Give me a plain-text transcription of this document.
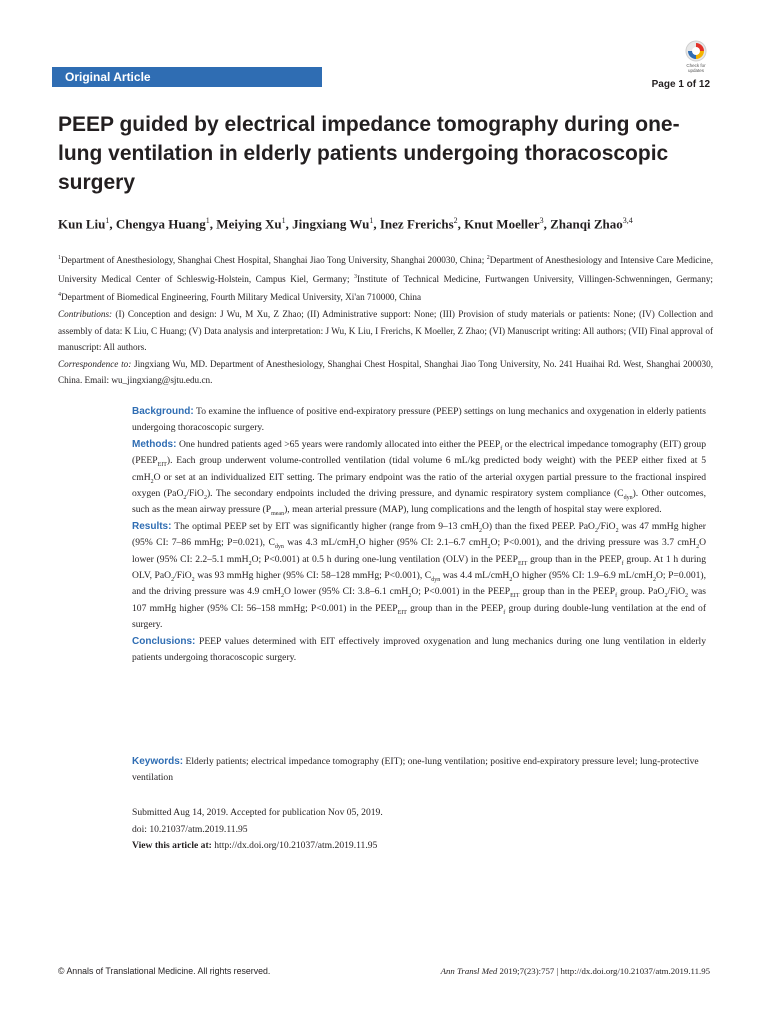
Original Article
Check for updates
Page 1 of 12
PEEP guided by electrical impedance tomography during one-lung ventilation in elderly patients undergoing thoracoscopic surgery
Kun Liu$^1$, Chengya Huang$^1$, Meiying Xu$^1$, Jingxiang Wu$^1$, Inez Frerichs$^2$, Knut Moeller$^3$, Zhanqi Zhao$^{3,4}$
$^1$Department of Anesthesiology, Shanghai Chest Hospital, Shanghai Jiao Tong University, Shanghai 200030, China; $^2$Department of Anesthesiology and Intensive Care Medicine, University Medical Center of Schleswig-Holstein, Campus Kiel, Germany; $^3$Institute of Technical Medicine, Furtwangen University, Villingen-Schwenningen, Germany; $^4$Department of Biomedical Engineering, Fourth Military Medical University, Xi'an 710000, China
Contributions: (I) Conception and design: J Wu, M Xu, Z Zhao; (II) Administrative support: None; (III) Provision of study materials or patients: None; (IV) Collection and assembly of data: K Liu, C Huang; (V) Data analysis and interpretation: J Wu, K Liu, I Frerichs, K Moeller, Z Zhao; (VI) Manuscript writing: All authors; (VII) Final approval of manuscript: All authors.
Correspondence to: Jingxiang Wu, MD. Department of Anesthesiology, Shanghai Chest Hospital, Shanghai Jiao Tong University, No. 241 Huaihai Rd. West, Shanghai 200030, China. Email: wu_jingxiang@sjtu.edu.cn.

Background: To examine the influence of positive end-expiratory pressure (PEEP) settings on lung mechanics and oxygenation in elderly patients undergoing thoracoscopic surgery.

Methods: One hundred patients aged >65 years were randomly allocated into either the $PEEP_f$ or the electrical impedance tomography (EIT) group $(PEEP_{EIT})$. Each group underwent volume-controlled ventilation (tidal volume 6 mL/kg predicted body weight) with the PEEP either fixed at 5 cmH$_2$O or set at an individualized EIT setting. The primary endpoint was the ratio of the arterial oxygen partial pressure to the fractional inspired oxygen (PaO$_2$/FiO$_2$). The secondary endpoints included the driving pressure, and dynamic respiratory system compliance $(C_{dyn})$. Other outcomes, such as the mean airway pressure $(P_{mean})$, mean arterial pressure (MAP), lung complications and the length of hospital stay were explored.

Results: The optimal PEEP set by EIT was significantly higher (range from 9–13 cmH$_2$O) than the fixed PEEP. PaO$_2$/FiO$_2$ was 47 mmHg higher (95% CI: 7–86 mmHg; P=0.021), $C_{dyn}$ was 4.3 mL/cmH$_2$O higher (95% CI: 2.1–6.7 cmH$_2$O; P<0.001), and the driving pressure was 3.7 cmH$_2$O lower (95% CI: 2.2–5.1 mmH$_2$O; P<0.001) at 0.5 h during one-lung ventilation (OLV) in the $PEEP_{EIT}$ group than in the $PEEP_f$ group. At 1 h during OLV, PaO$_2$/FiO$_2$ was 93 mmHg higher (95% CI: 58–128 mmHg; P<0.001), $C_{dyn}$ was 4.4 mL/cmH$_2$O higher (95% CI: 1.9–6.9 mL/cmH$_2$O; P=0.001), and the driving pressure was 4.9 cmH$_2$O lower (95% CI: 3.8–6.1 cmH$_2$O; P<0.001) in the $PEEP_{EIT}$ group than in the $PEEP_f$ group. PaO$_2$/FiO$_2$ was 107 mmHg higher (95% CI: 56–158 mmHg; P<0.001) in the $PEEP_{EIT}$ group than in the $PEEP_f$ group during double-lung ventilation at the end of surgery.

Conclusions: PEEP values determined with EIT effectively improved oxygenation and lung mechanics during one lung ventilation in elderly patients undergoing thoracoscopic surgery.

Keywords: Elderly patients; electrical impedance tomography (EIT); one-lung ventilation; positive end-expiratory pressure level; lung-protective ventilation
Submitted Aug 14, 2019. Accepted for publication Nov 05, 2019.
doi: 10.21037/atm.2019.11.95
View this article at: http://dx.doi.org/10.21037/atm.2019.11.95
© Annals of Translational Medicine. All rights reserved.	Ann Transl Med 2019;7(23):757 | http://dx.doi.org/10.21037/atm.2019.11.95
